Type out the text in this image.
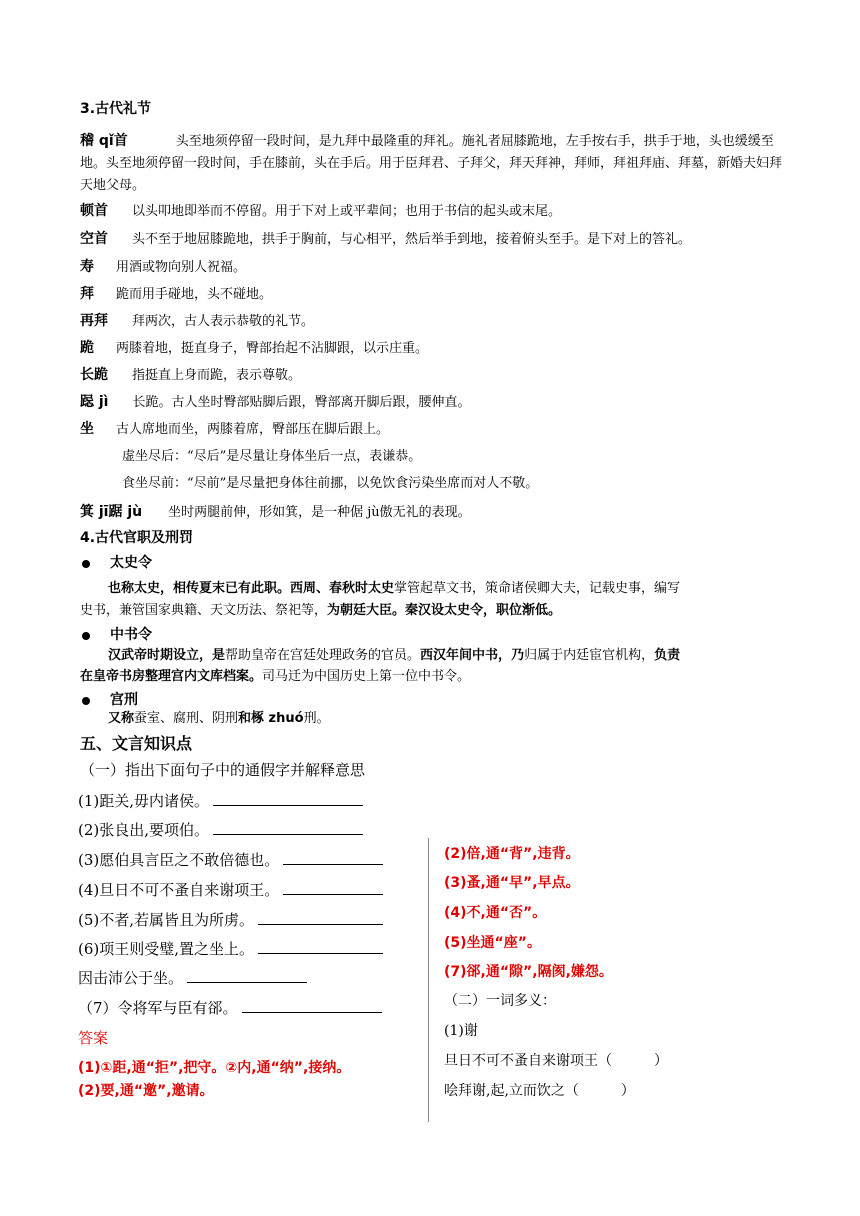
3.古代礼节
稽 qǐ首	头至地须停留一段时间，是九拜中最隆重的拜礼。施礼者屈膝跪地，左手按右手，拱手于地，头也缓缓至地。头至地须停留一段时间，手在膝前，头在手后。用于臣拜君、子拜父，拜天拜神，拜师，拜祖拜庙、拜墓，新婚夫妇拜天地父母。
顿首 以头叩地即举而不停留。用于下对上或平辈间；也用于书信的起头或末尾。
空首 头不至于地屈膝跪地，拱手于胸前，与心相平，然后举手到地，接着俯头至手。是下对上的答礼。
寿 用酒或物向别人祝福。
拜 跪而用手碰地，头不碰地。
再拜 拜两次，古人表示恭敬的礼节。
跪 两膝着地，挺直身子，臀部抬起不沾脚跟，以示庄重。
长跪 指挺直上身而跪，表示尊敬。
跽 jì 长跪。古人坐时臀部贴脚后跟，臀部离开脚后跟，腰伸直。
坐 古人席地而坐，两膝着席，臀部压在脚后跟上。
虚坐尽后：“尽后”是尽量让身体坐后一点，表谦恭。
食坐尽前：“尽前”是尽量把身体往前挪，以免饮食污染坐席而对人不敬。
箕 jī踞 jù 坐时两腿前伸，形如箕，是一种倨 jù傲无礼的表现。
4.古代官职及刑罚
太史令
也称太史，相传夏末已有此职。西周、春秋时太史掌管起草文书，策命诸侯卿大夫，记载史事，编写
史书，兼管国家典籍、天文历法、祭祀等，为朝廷大臣。秦汉设太史令，职位渐低。
中书令
汉武帝时期设立，是帮助皇帝在宫廷处理政务的官员。西汉年间中书，乃归属于内廷宦官机构，负责
在皇帝书房整理宫内文库档案。司马迁为中国历史上第一位中书令。
宫刑
又称蚕室、腐刑、阴刑和椓 zhuó刑。
五、文言知识点
（一）指出下面句子中的通假字并解释意思
(1)距关,毋内诸侯。
(2)张良出,要项伯。
(3)愿伯具言臣之不敢倍德也。
(4)旦日不可不蚤自来谢项王。
(5)不者,若属皆且为所虏。
(6)项王则受璧,置之坐上。
因击沛公于坐。
（7）令将军与臣有郤。
答案
(1)①距,通“拒”,把守。②内,通“纳”,接纳。
(2)要,通“邀”,邀请。
(2)倍,通“背”,违背。
(3)蚤,通“早”,早点。
(4)不,通“否”。
(5)坐通“座”。
(7)郤,通“隙”,隔阂,嫌怨。
（二）一词多义：
(1)谢
旦日不可不蚤自来谢项王（	）
哙拜谢,起,立而饮之（	）
